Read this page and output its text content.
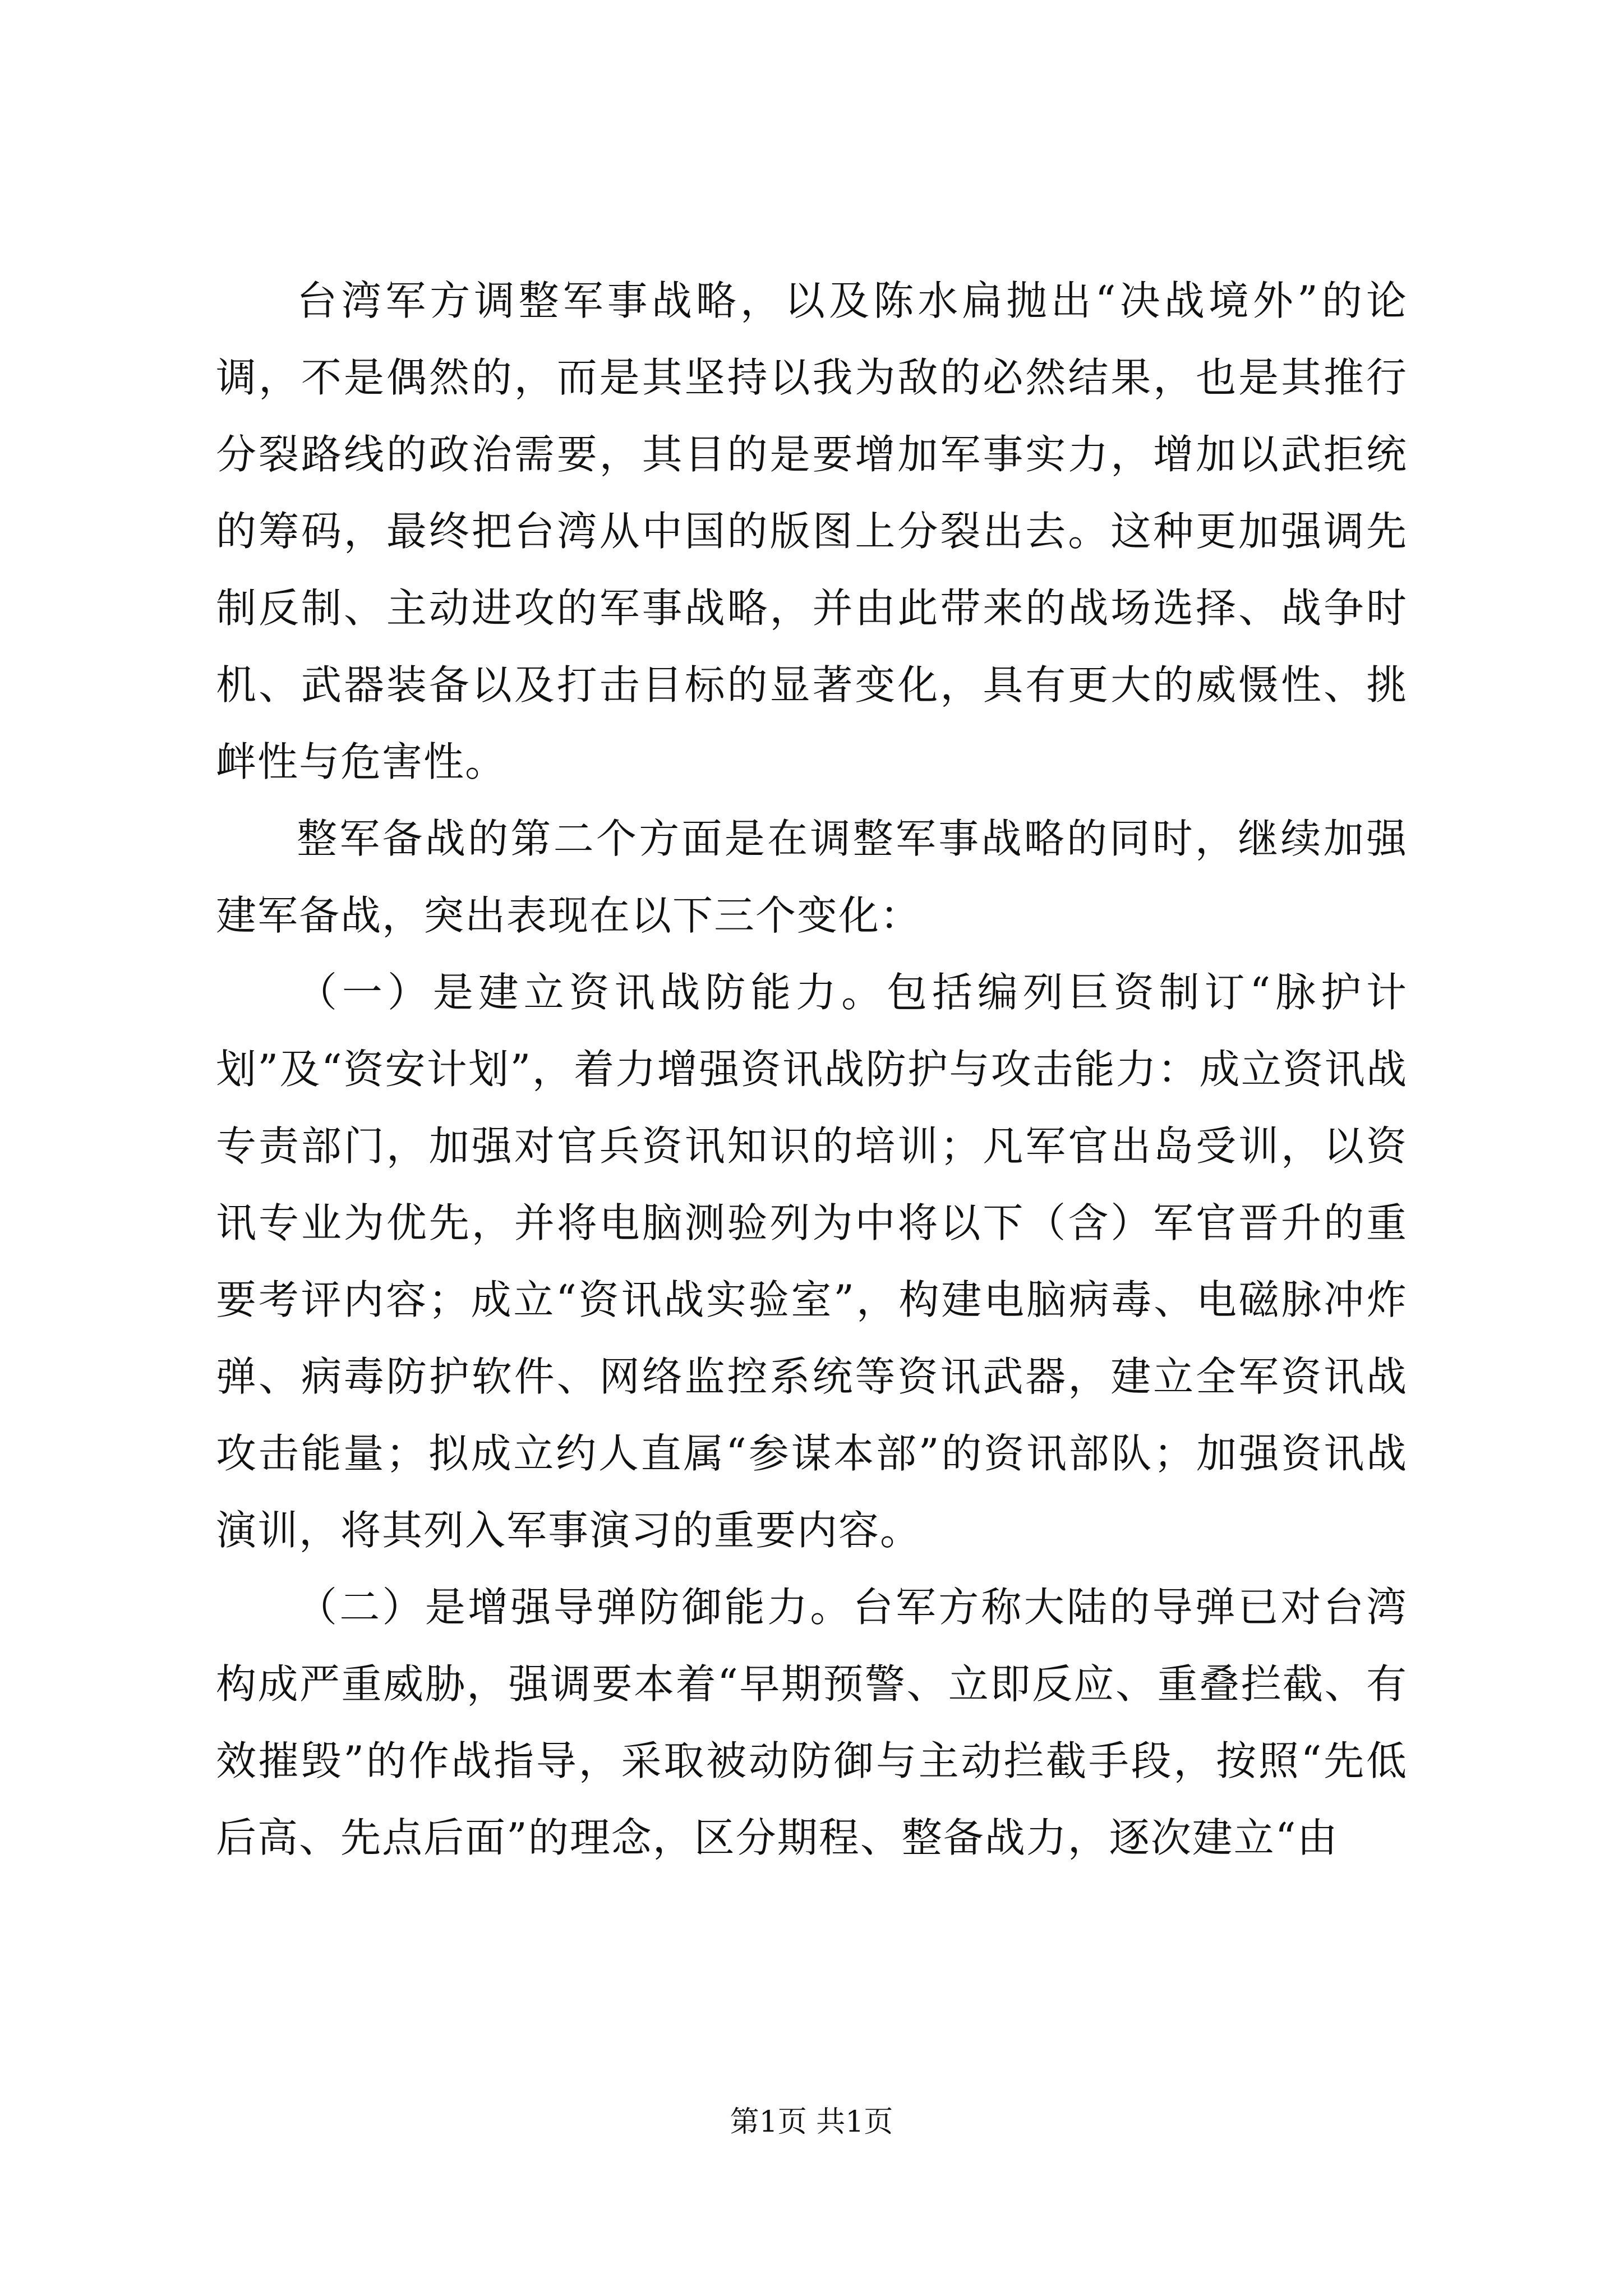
台湾军方调整军事战略，以及陈水扁抛出“决战境外”的论调，不是偶然的，而是其坚持以我为敌的必然结果，也是其推行分裂路线的政治需要，其目的是要增加军事实力，增加以武拒统的筹码，最终把台湾从中国的版图上分裂出去。这种更加强调先制反制、主动进攻的军事战略，并由此带来的战场选择、战争时机、武器装备以及打击目标的显著变化，具有更大的威慑性、挑衅性与危害性。

整军备战的第二个方面是在调整军事战略的同时，继续加强建军备战，突出表现在以下三个变化：

（一）是建立资讯战防能力。包括编列巨资制订“脉护计划”及“资安计划”，着力增强资讯战防护与攻击能力：成立资讯战专责部门，加强对官兵资讯知识的培训；凡军官出岛受训，以资讯专业为优先，并将电脑测验列为中将以下（含）军官晋升的重要考评内容；成立“资讯战实验室”，构建电脑病毒、电磁脉冲炸弹、病毒防护软件、网络监控系统等资讯武器，建立全军资讯战攻击能量；拟成立约人直属“参谋本部”的资讯部队；加强资讯战演训，将其列入军事演习的重要内容。

（二）是增强导弹防御能力。台军方称大陆的导弹已对台湾构成严重威胁，强调要本着“早期预警、立即反应、重叠拦截、有效摧毁”的作战指导，采取被动防御与主动拦截手段，按照“先低后高、先点后面”的理念，区分期程、整备战力，逐次建立“由

第1页 共1页
